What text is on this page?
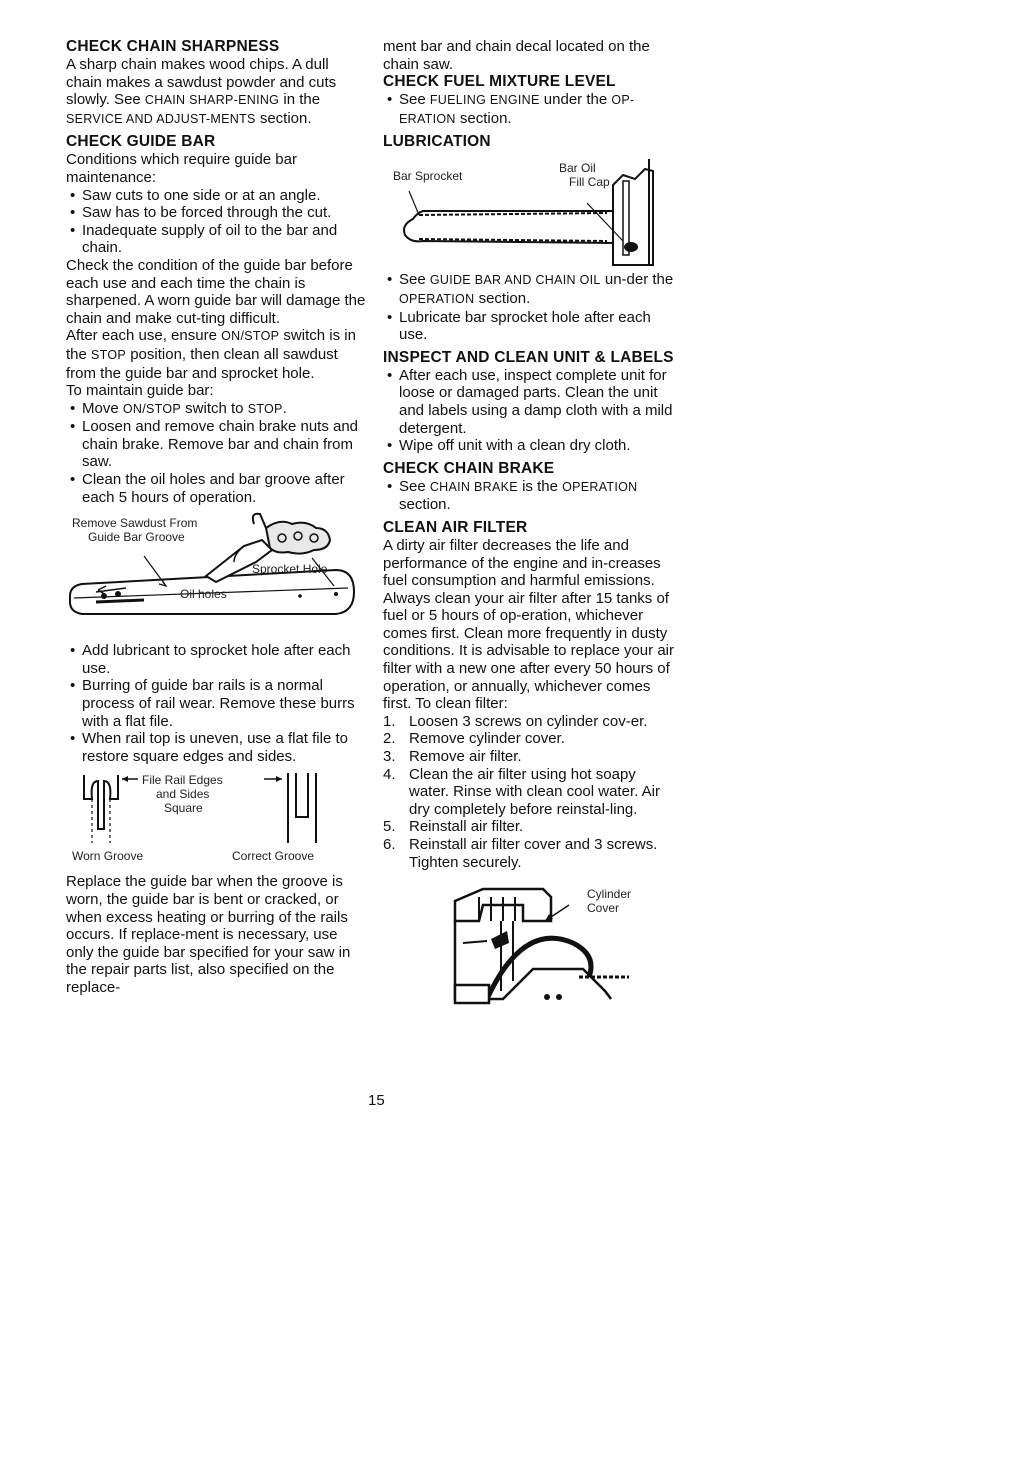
CHECK CHAIN SHARPNESS

A sharp chain makes wood chips. A dull chain makes a sawdust powder and cuts slowly. See CHAIN SHARP-ENING in the SERVICE AND ADJUST-MENTS section.

CHECK GUIDE BAR

Conditions which require guide bar maintenance:

• Saw cuts to one side or at an angle.
• Saw has to be forced through the cut.
• Inadequate supply of oil to the bar and chain.

Check the condition of the guide bar before each use and each time the chain is sharpened. A worn guide bar will damage the chain and make cut-ting difficult.

After each use, ensure ON/STOP switch is in the STOP position, then clean all sawdust from the guide bar and sprocket hole.

To maintain guide bar:

• Move ON/STOP switch to STOP.
• Loosen and remove chain brake nuts and chain brake. Remove bar and chain from saw.
• Clean the oil holes and bar groove after each 5 hours of operation.
Remove Sawdust From
Guide Bar Groove
Sprocket Hole
Oil holes
• Add lubricant to sprocket hole after each use.
• Burring of guide bar rails is a normal process of rail wear. Remove these burrs with a flat file.
• When rail top is uneven, use a flat file to restore square edges and sides.
File Rail Edges
and Sides
Square
Worn Groove	Correct Groove

Replace the guide bar when the groove is worn, the guide bar is bent or cracked, or when excess heating or burring of the rails occurs. If replace-ment is necessary, use only the guide bar specified for your saw in the repair parts list, also specified on the replace-

ment bar and chain decal located on the chain saw.

CHECK FUEL MIXTURE LEVEL
• See FUELING ENGINE under the OP-ERATION section.
LUBRICATION
Bar Sprocket
Bar Oil
Fill Cap
• See GUIDE BAR AND CHAIN OIL un-der the OPERATION section.
• Lubricate bar sprocket hole after each use.
INSPECT AND CLEAN UNIT & LABELS
• After each use, inspect complete unit for loose or damaged parts. Clean the unit and labels using a damp cloth with a mild detergent.
• Wipe off unit with a clean dry cloth.
CHECK CHAIN BRAKE
• See CHAIN BRAKE is the OPERATION section.
CLEAN AIR FILTER

A dirty air filter decreases the life and performance of the engine and in-creases fuel consumption and harmful emissions. Always clean your air filter after 15 tanks of fuel or 5 hours of op-eration, whichever comes first. Clean more frequently in dusty conditions. It is advisable to replace your air filter with a new one after every 50 hours of operation, or annually, whichever comes first. To clean filter:

1. Loosen 3 screws on cylinder cov-er.
2. Remove cylinder cover.
3. Remove air filter.
4. Clean the air filter using hot soapy water. Rinse with clean cool water. Air dry completely before reinstal-ling.
5. Reinstall air filter.
6. Reinstall air filter cover and 3 screws. Tighten securely.
Cylinder
Cover
15
